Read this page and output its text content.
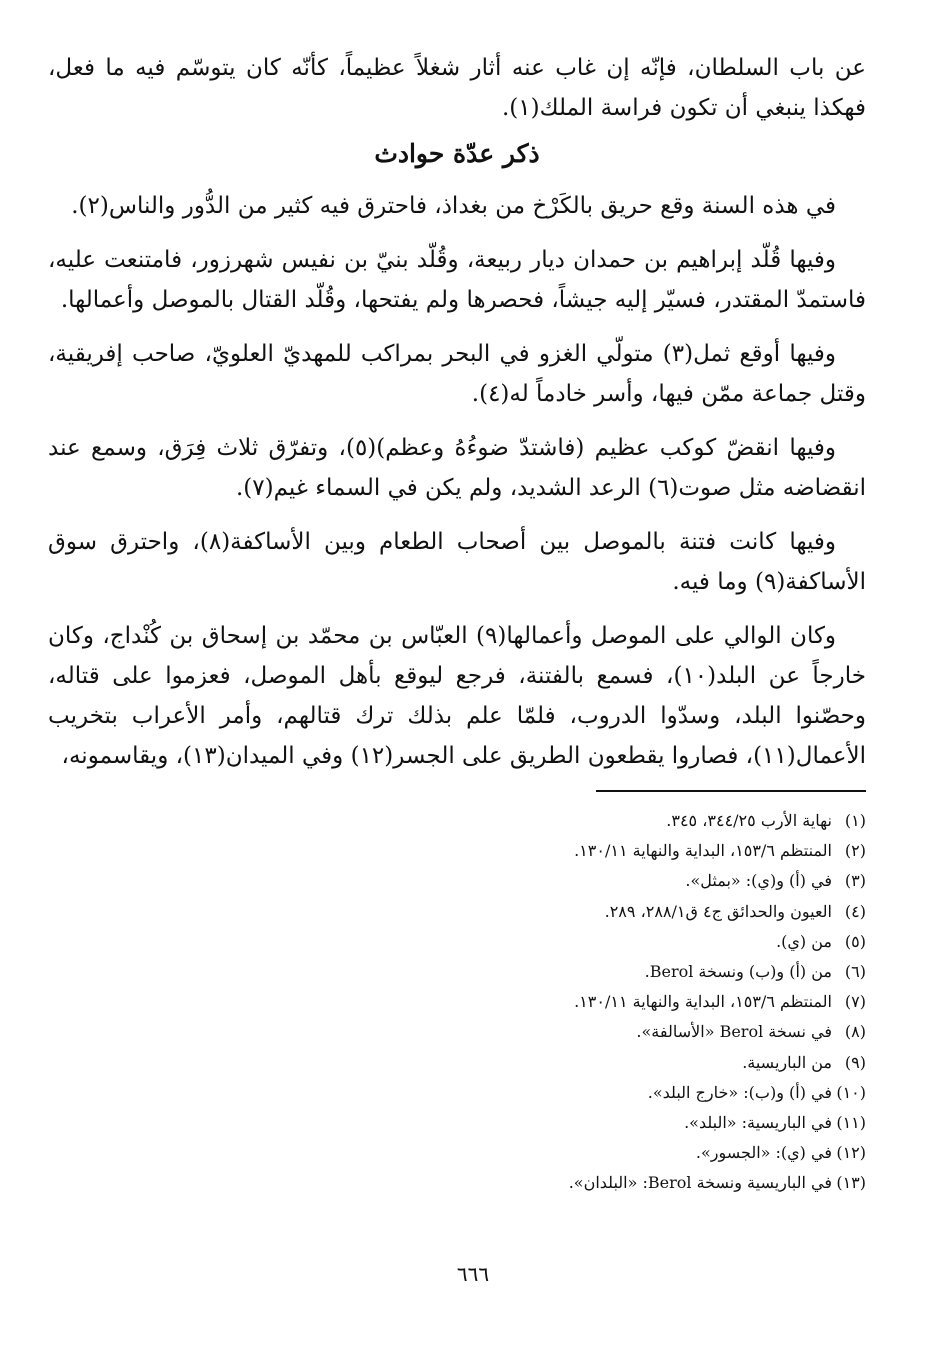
عن باب السلطان، فإنّه إن غاب عنه أثار شغلاً عظيماً، كأنّه كان يتوسّم فيه ما فعل، فهكذا ينبغي أن تكون فراسة الملك(١).

ذكر عدّة حوادث

في هذه السنة وقع حريق بالكَرْخ من بغداذ، فاحترق فيه كثير من الدُّور والناس(٢).

وفيها قُلّد إبراهيم بن حمدان ديار ربيعة، وقُلّد بنيّ بن نفيس شهرزور، فامتنعت عليه، فاستمدّ المقتدر، فسيّر إليه جيشاً، فحصرها ولم يفتحها، وقُلّد القتال بالموصل وأعمالها.

وفيها أوقع ثمل(٣) متولّي الغزو في البحر بمراكب للمهديّ العلويّ، صاحب إفريقية، وقتل جماعة ممّن فيها، وأسر خادماً له(٤).

وفيها انقضّ كوكب عظيم (فاشتدّ ضوءُهُ وعظم)(٥)، وتفرّق ثلاث فِرَق، وسمع عند انقضاضه مثل صوت(٦) الرعد الشديد، ولم يكن في السماء غيم(٧).

وفيها كانت فتنة بالموصل بين أصحاب الطعام وبين الأساكفة(٨)، واحترق سوق الأساكفة(٩) وما فيه.

وكان الوالي على الموصل وأعمالها(٩) العبّاس بن محمّد بن إسحاق بن كُنْداج، وكان خارجاً عن البلد(١٠)، فسمع بالفتنة، فرجع ليوقع بأهل الموصل، فعزموا على قتاله، وحصّنوا البلد، وسدّوا الدروب، فلمّا علم بذلك ترك قتالهم، وأمر الأعراب بتخريب الأعمال(١١)، فصاروا يقطعون الطريق على الجسر(١٢) وفي الميدان(١٣)، ويقاسمونه،

(١)نهاية الأرب ٣٤٤/٢٥، ٣٤٥.
(٢)المنتظم ١٥٣/٦، البداية والنهاية ١٣٠/١١.
(٣)في (أ) و(ي): «بمثل».
(٤)العيون والحدائق ج٤ ق٢٨٨/١، ٢٨٩.
(٥)من (ي).
(٦)من (أ) و(ب) ونسخة Berol.
(٧)المنتظم ١٥٣/٦، البداية والنهاية ١٣٠/١١.
(٨)في نسخة Berol «الأسالفة».
(٩)من الباريسية.
(١٠)في (أ) و(ب): «خارج البلد».
(١١)في الباريسية: «البلد».
(١٢)في (ي): «الجسور».
(١٣)في الباريسية ونسخة Berol: «البلدان».
٦٦٦
